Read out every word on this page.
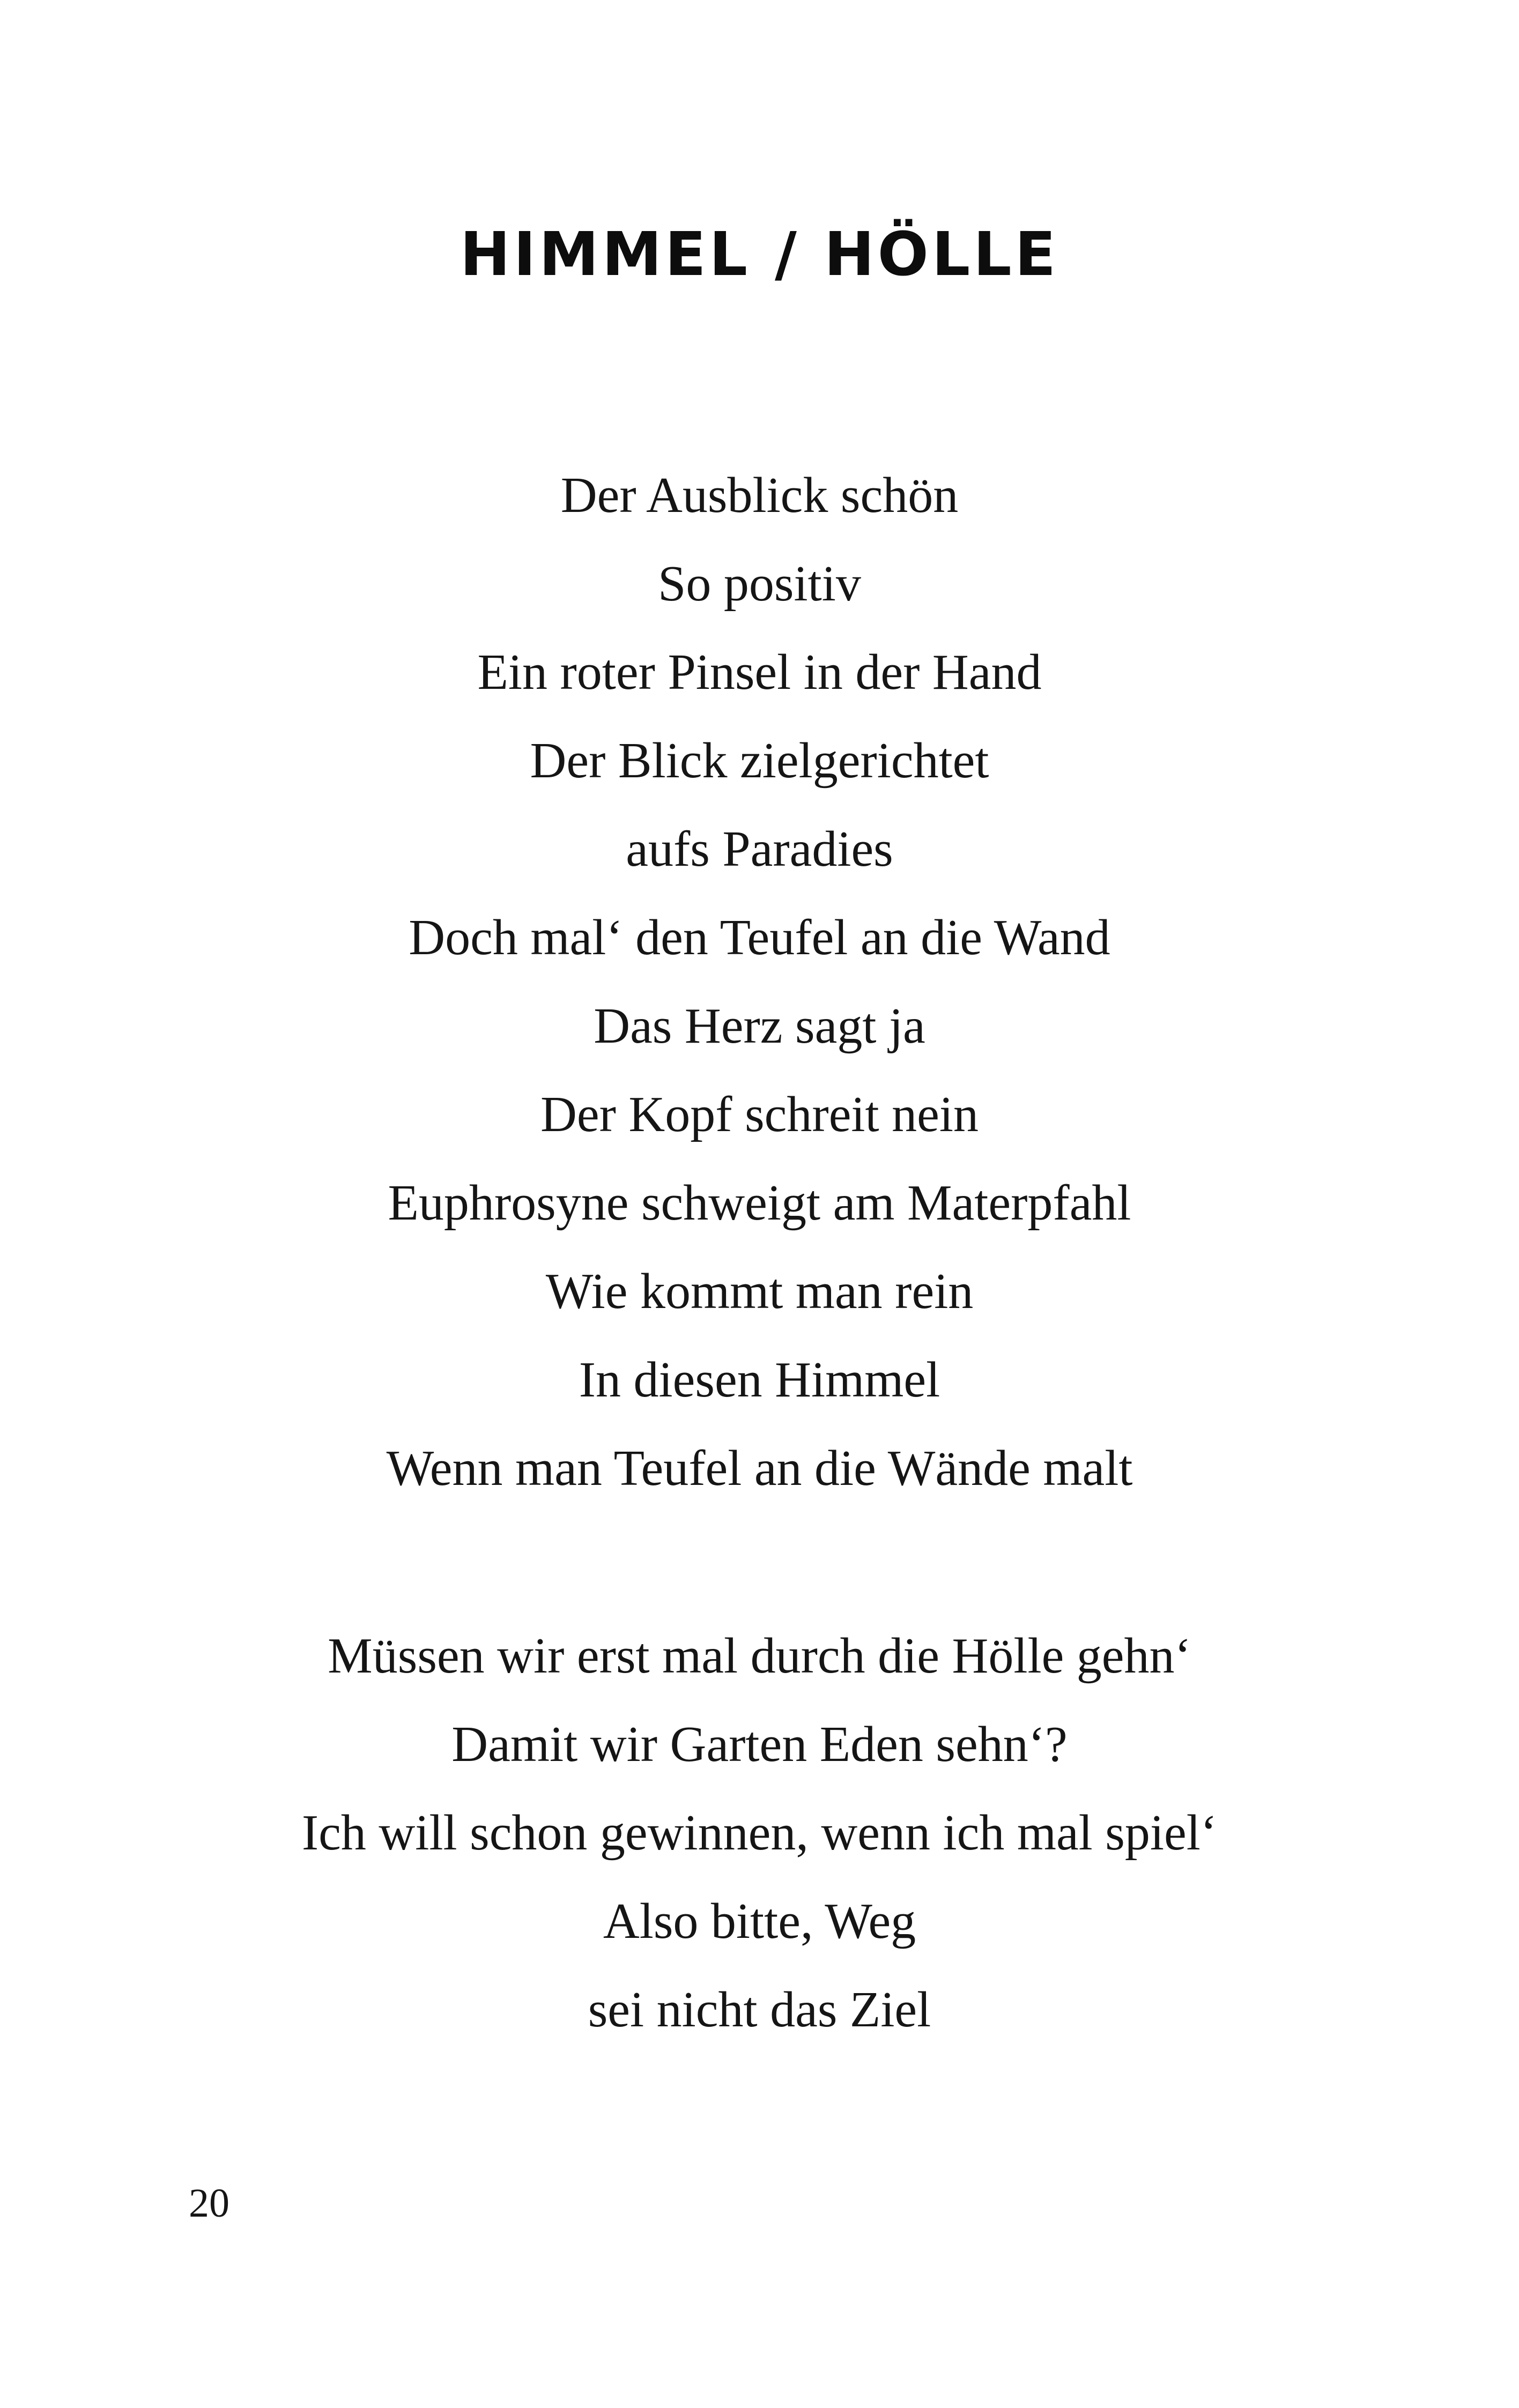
HIMMEL / HÖLLE
Der Ausblick schön
So positiv
Ein roter Pinsel in der Hand
Der Blick zielgerichtet
aufs Paradies
Doch mal‘ den Teufel an die Wand
Das Herz sagt ja
Der Kopf schreit nein
Euphrosyne schweigt am Materpfahl
Wie kommt man rein
In diesen Himmel
Wenn man Teufel an die Wände malt
Müssen wir erst mal durch die Hölle gehn‘
Damit wir Garten Eden sehn‘?
Ich will schon gewinnen, wenn ich mal spiel‘
Also bitte, Weg
sei nicht das Ziel
20
